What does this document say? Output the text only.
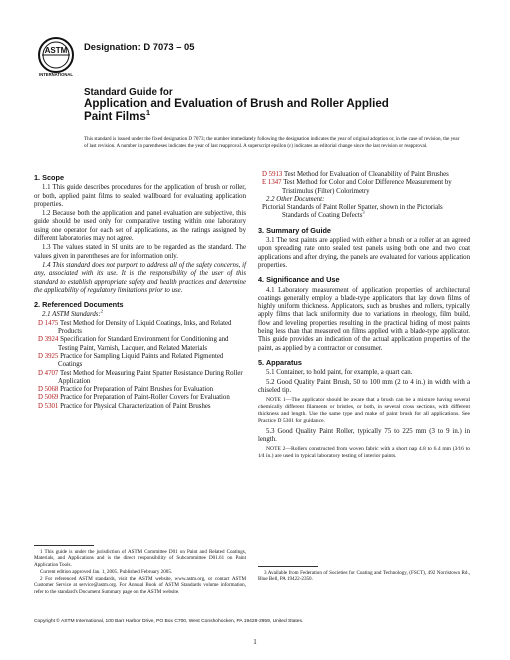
ASTM
INTERNATIONAL
Designation: D 7073 – 05
Standard Guide for
Application and Evaluation of Brush and Roller Applied
Paint Films$^1$
This standard is issued under the fixed designation D 7073; the number immediately following the designation indicates the year of original adoption or, in the case of revision, the year of last revision. A number in parentheses indicates the year of last reapproval. A superscript epsilon (ε) indicates an editorial change since the last revision or reapproval.
1. Scope

1.1 This guide describes procedures for the application of brush or roller, or both, applied paint films to sealed wallboard for evaluating application properties.

1.2 Because both the application and panel evaluation are subjective, this guide should be used only for comparative testing within one laboratory using one operator for each set of applications, as the ratings assigned by different laboratories may not agree.

1.3 The values stated in SI units are to be regarded as the standard. The values given in parentheses are for information only.

1.4 This standard does not purport to address all of the safety concerns, if any, associated with its use. It is the responsibility of the user of this standard to establish appropriate safety and health practices and determine the applicability of regulatory limitations prior to use.

2. Referenced Documents

2.1 ASTM Standards:$^2$

D 1475 Test Method for Density of Liquid Coatings, Inks, and Related Products

D 3924 Specification for Standard Environment for Conditioning and Testing Paint, Varnish, Lacquer, and Related Materials

D 3925 Practice for Sampling Liquid Paints and Related Pigmented Coatings

D 4707 Test Method for Measuring Paint Spatter Resistance During Roller Application

D 5068 Practice for Preparation of Paint Brushes for Evaluation

D 5069 Practice for Preparation of Paint-Roller Covers for Evaluation

D 5301 Practice for Physical Characterization of Paint Brushes

D 5913 Test Method for Evaluation of Cleanability of Paint Brushes

E 1347 Test Method for Color and Color Difference Measurement by Tristimulus (Filter) Colorimetry

2.2 Other Document:

Pictorial Standards of Paint Roller Spatter, shown in the Pictorials Standards of Coating Defects$^3$

3. Summary of Guide

3.1 The test paints are applied with either a brush or a roller at an agreed upon spreading rate onto sealed test panels using both one and two coat applications and after drying, the panels are evaluated for various application properties.

4. Significance and Use

4.1 Laboratory measurement of application properties of architectural coatings generally employ a blade-type applicators that lay down films of highly uniform thickness. Applicators, such as brushes and rollers, typically apply films that lack uniformity due to variations in rheology, film build, flow and leveling properties resulting in the practical hiding of most paints being less than that measured on films applied with a blade-type applicator. This guide provides an indication of the actual application properties of the paint, as applied by a contractor or consumer.

5. Apparatus

5.1 Container, to hold paint, for example, a quart can.

5.2 Good Quality Paint Brush, 50 to 100 mm (2 to 4 in.) in width with a chiseled tip.

NOTE 1—The applicator should be aware that a brush can be a mixture having several chemically different filaments or bristles, or both, in several cross sections, with different thickness and length. Use the same type and make of paint brush for all applications. See Practice D 5301 for guidance.

5.3 Good Quality Paint Roller, typically 75 to 225 mm (3 to 9 in.) in length.

NOTE 2—Rollers constructed from woven fabric with a short nap 4.8 to 6.4 mm (3⁄16 to 1⁄4 in.) are used in typical laboratory testing of interior paints.

1 This guide is under the jurisdiction of ASTM Committee D01 on Paint and Related Coatings, Materials, and Applications and is the direct responsibility of Subcommittee D01.61 on Paint Application Tools.

Current edition approved Jan. 1, 2005. Published February 2005.

2 For referenced ASTM standards, visit the ASTM website, www.astm.org, or contact ASTM Customer Service at service@astm.org. For Annual Book of ASTM Standards volume information, refer to the standard's Document Summary page on the ASTM website.

3 Available from Federation of Societies for Coating and Technology, (FSCT), 492 Norristown Rd., Blue Bell, PA 19422-2350.

Copyright © ASTM International, 100 Barr Harbor Drive, PO Box C700, West Conshohocken, PA 19428-2959, United States.
1
